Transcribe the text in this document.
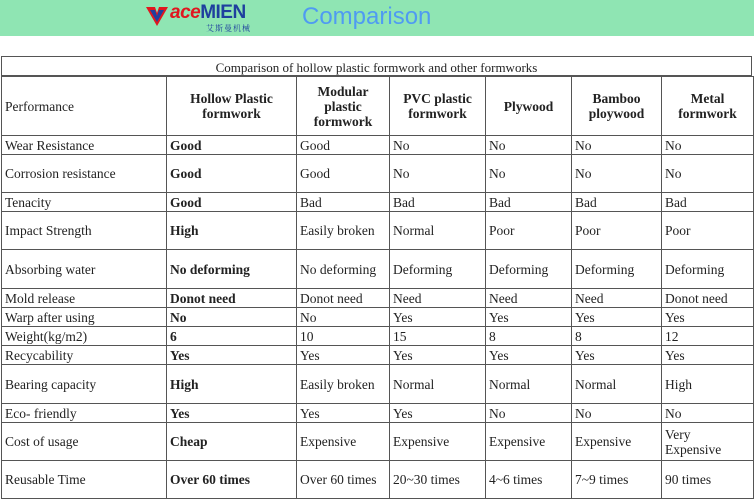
aceMIEN
艾斯曼机械 Comparison
Comparison of hollow plastic formwork and other formworks
Performance	Hollow Plastic formwork	Modular plastic formwork	PVC plastic formwork	Plywood	Bamboo ploywood	Metal formwork
Wear Resistance	Good	Good	No	No	No	No
Corrosion resistance	Good	Good	No	No	No	No
Tenacity	Good	Bad	Bad	Bad	Bad	Bad
Impact Strength	High	Easily broken	Normal	Poor	Poor	Poor
Absorbing water	No deforming	No deforming	Deforming	Deforming	Deforming	Deforming
Mold release	Donot need	Donot need	Need	Need	Need	Donot need
Warp after using	No	No	Yes	Yes	Yes	Yes
Weight(kg/m2)	6	10	15	8	8	12
Recycability	Yes	Yes	Yes	Yes	Yes	Yes
Bearing capacity	High	Easily broken	Normal	Normal	Normal	High
Eco- friendly	Yes	Yes	Yes	No	No	No
Cost of usage	Cheap	Expensive	Expensive	Expensive	Expensive	Very Expensive
Reusable Time	Over 60 times	Over 60 times	20~30 times	4~6 times	7~9 times	90 times
